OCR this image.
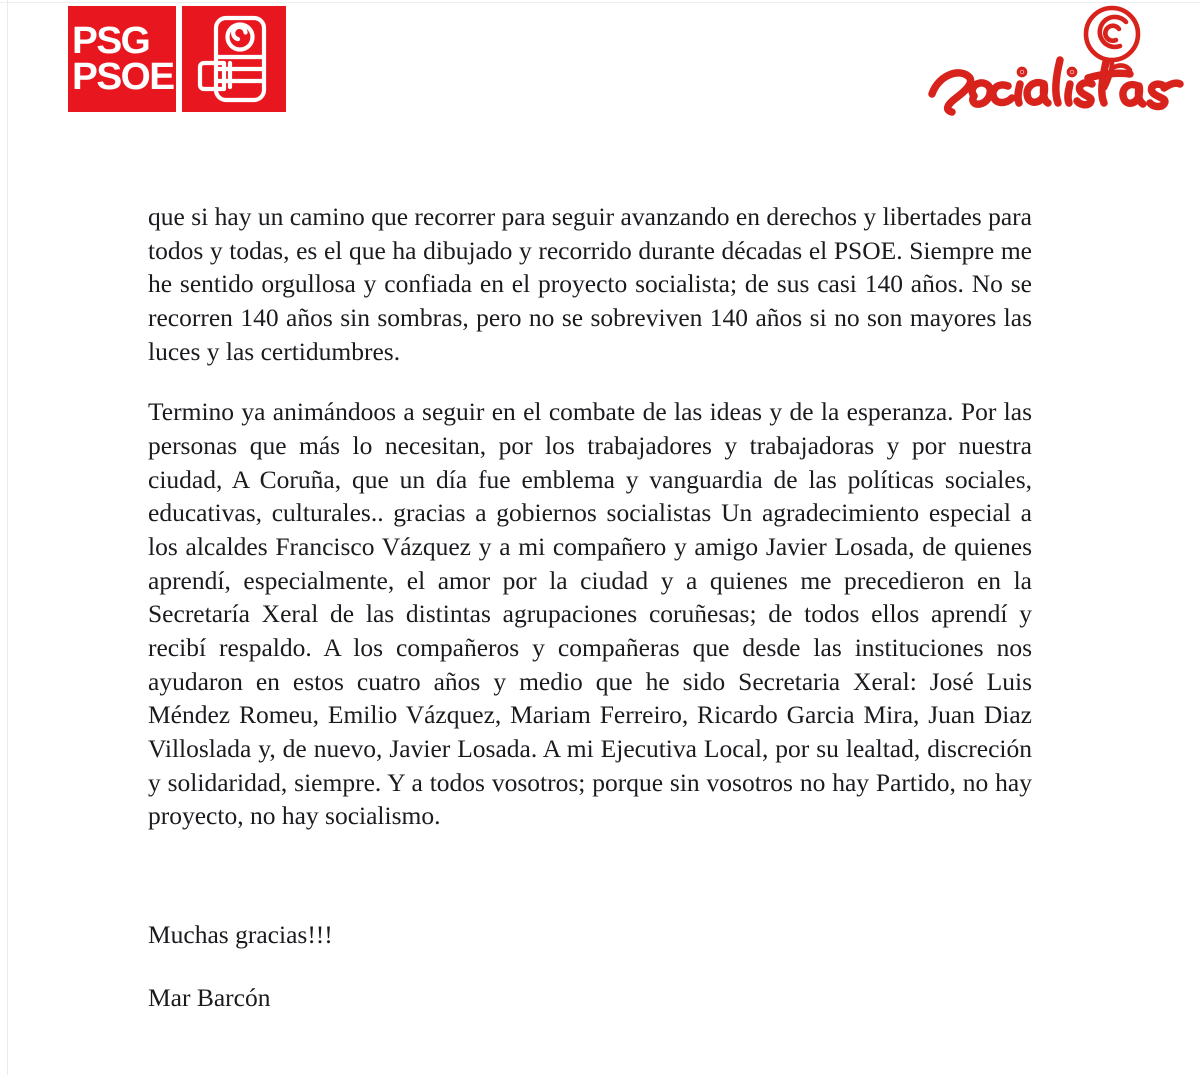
PSG
PSOE

que si hay un camino que recorrer para seguir avanzando en derechos y libertades para todos y todas, es el que ha dibujado y recorrido durante décadas el PSOE. Siempre me he sentido orgullosa y confiada en el proyecto socialista; de sus casi 140 años. No se recorren 140 años sin sombras, pero no se sobreviven 140 años si no son mayores las luces y las certidumbres.

Termino ya animándoos a seguir en el combate de las ideas y de la esperanza. Por las personas que más lo necesitan, por los trabajadores y trabajadoras y por nuestra ciudad, A Coruña, que un día fue emblema y vanguardia de las políticas sociales, educativas, culturales.. gracias a gobiernos socialistas Un agradecimiento especial a los alcaldes Francisco Vázquez y a mi compañero y amigo Javier Losada, de quienes aprendí, especialmente, el amor por la ciudad y a quienes me precedieron en la Secretaría Xeral de las distintas agrupaciones coruñesas; de todos ellos aprendí y recibí respaldo. A los compañeros y compañeras que desde las instituciones nos ayudaron en estos cuatro años y medio que he sido Secretaria Xeral: José Luis Méndez Romeu, Emilio Vázquez, Mariam Ferreiro, Ricardo Garcia Mira, Juan Diaz Villoslada y, de nuevo, Javier Losada. A mi Ejecutiva Local, por su lealtad, discreción y solidaridad, siempre. Y a todos vosotros; porque sin vosotros no hay Partido, no hay proyecto, no hay socialismo.

Muchas gracias!!!

Mar Barcón
